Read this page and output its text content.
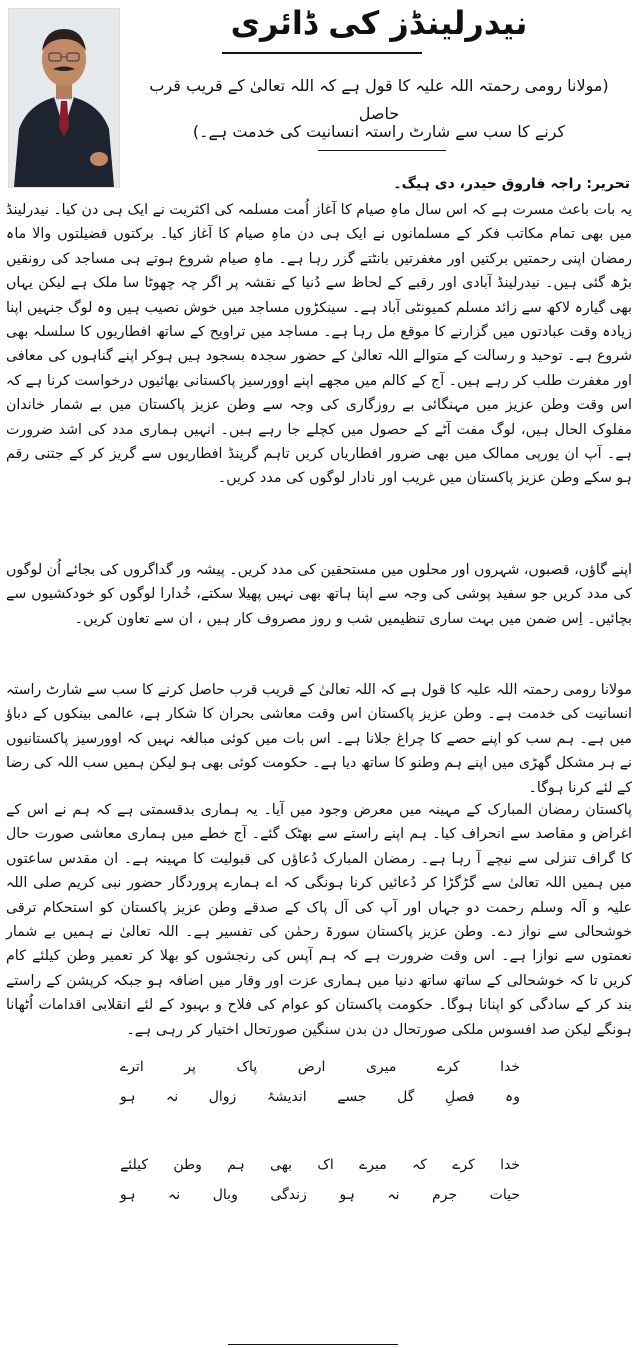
نیدرلینڈز کی ڈائری
(مولانا رومی رحمتہ اللہ علیہ کا قول ہے کہ اللہ تعالیٰ کے قریب قرب حاصل
کرنے کا سب سے شارٹ راستہ انسانیت کی خدمت ہے۔)
تحریر: راجہ فاروق حیدر، دی ہیگ۔

یہ بات باعث مسرت ہے کہ اس سال ماہِ صیام کا آغاز اُمت مسلمہ کی اکثریت نے ایک ہی دن کیا۔ نیدرلینڈ میں بھی تمام مکاتب فکر کے مسلمانوں نے ایک ہی دن ماہِ صیام کا آغاز کیا۔ برکتوں فضیلتوں والا ماہ رمضان اپنی رحمتیں برکتیں اور مغفرتیں بانٹتے گزر رہا ہے۔ ماہِ صیام شروع ہوتے ہی مساجد کی رونقیں بڑھ گئی ہیں۔ نیدرلینڈ آبادی اور رقبے کے لحاظ سے دُنیا کے نقشہ پر اگر چہ چھوٹا سا ملک ہے لیکن یہاں بھی گیارہ لاکھ سے زائد مسلم کمیونٹی آباد ہے۔ سینکڑوں مساجد میں خوش نصیب ہیں وہ لوگ جنہیں اپنا زیادہ وقت عبادتوں میں گزارنے کا موقع مل رہا ہے۔ مساجد میں تراویح کے ساتھ افطاریوں کا سلسلہ بھی شروع ہے۔ توحید و رسالت کے متوالے اللہ تعالیٰ کے حضور سجدہ بسجود ہیں ہوکر اپنے گناہوں کی معافی اور مغفرت طلب کر رہے ہیں۔ آج کے کالم میں مجھے اپنے اوورسیز پاکستانی بھائیوں درخواست کرنا ہے کہ اس وقت وطن عزیز میں مہنگائی بے روزگاری کی وجہ سے وطن عزیز پاکستان میں بے شمار خاندان مفلوک الحال ہیں، لوگ مفت آٹے کے حصول میں کچلے جا رہے ہیں۔ انہیں ہماری مدد کی اشد ضرورت ہے۔ آپ ان یورپی ممالک میں بھی ضرور افطاریاں کریں تاہم گرینڈ افطاریوں سے گریز کر کے جتنی رقم ہو سکے وطن عزیز پاکستان میں غریب اور نادار لوگوں کی مدد کریں۔

اپنے گاؤں، قصبوں، شہروں اور محلوں میں مستحقین کی مدد کریں۔ پیشہ ور گداگروں کی بجائے اُن لوگوں کی مدد کریں جو سفید پوشی کی وجہ سے اپنا ہاتھ بھی نہیں پھیلا سکتے، خُدارا لوگوں کو خودکشیوں سے بچائیں۔ اِس ضمن میں بہت ساری تنظیمیں شب و روز مصروف کار ہیں ، ان سے تعاون کریں۔

مولانا رومی رحمتہ اللہ علیہ کا قول ہے کہ اللہ تعالیٰ کے قریب قرب حاصل کرنے کا سب سے شارٹ راستہ انسانیت کی خدمت ہے۔ وطن عزیز پاکستان اس وقت معاشی بحران کا شکار ہے، عالمی بینکوں کے دباؤ میں ہے۔ ہم سب کو اپنے حصے کا چراغ جلانا ہے۔ اس بات میں کوئی مبالغہ نہیں کہ اوورسیز پاکستانیوں نے ہر مشکل گھڑی میں اپنے ہم وطنو کا ساتھ دیا ہے۔ حکومت کوئی بھی ہو لیکن ہمیں سب اللہ کی رضا کے لئے کرنا ہوگا۔

پاکستان رمضان المبارک کے مہینہ میں معرض وجود میں آیا۔ یہ ہماری بدقسمتی ہے کہ ہم نے اس کے اغراض و مقاصد سے انحراف کیا۔ ہم اپنے راستے سے بھٹک گئے۔ آج خطے میں ہماری معاشی صورت حال کا گراف تنزلی سے نیچے آ رہا ہے۔ رمضان المبارک دُعاؤں کی قبولیت کا مہینہ ہے۔ ان مقدس ساعتوں میں ہمیں اللہ تعالیٰ سے گڑگڑا کر دُعائیں کرنا ہونگی کہ اے ہمارے پروردگار حضور نبی کریم صلی اللہ علیہ و آلہ وسلم رحمت دو جہاں اور آپ کی آل پاک کے صدقے وطن عزیز پاکستان کو استحکام ترقی خوشحالی سے نواز دے۔ وطن عزیز پاکستان سورۃ رحمٰن کی تفسیر ہے۔ اللہ تعالیٰ نے ہمیں بے شمار نعمتوں سے نوازا ہے۔ اس وقت ضرورت ہے کہ ہم آپس کی رنجشوں کو بھلا کر تعمیر وطن کیلئے کام کریں تا کہ خوشحالی کے ساتھ ساتھ دنیا میں ہماری عزت اور وقار میں اضافہ ہو جبکہ کرپشن کے راستے بند کر کے سادگی کو اپنانا ہوگا۔ حکومت پاکستان کو عوام کی فلاح و بہبود کے لئے انقلابی اقدامات اُٹھانا ہونگے لیکن صد افسوس ملکی صورتحال دن بدن سنگین صورتحال اختیار کر رہی ہے۔

خدا
کرے
میری
ارض
پاک
پر
اترے
وہ
فصلِ
گل
جسے
اندیشۂ
زوال
نہ
ہو
خدا
کرے
کہ
میرے
اک
بھی
ہم
وطن
کیلئے
حیات
جرم
نہ
ہو
زندگی
وبال
نہ
ہو
